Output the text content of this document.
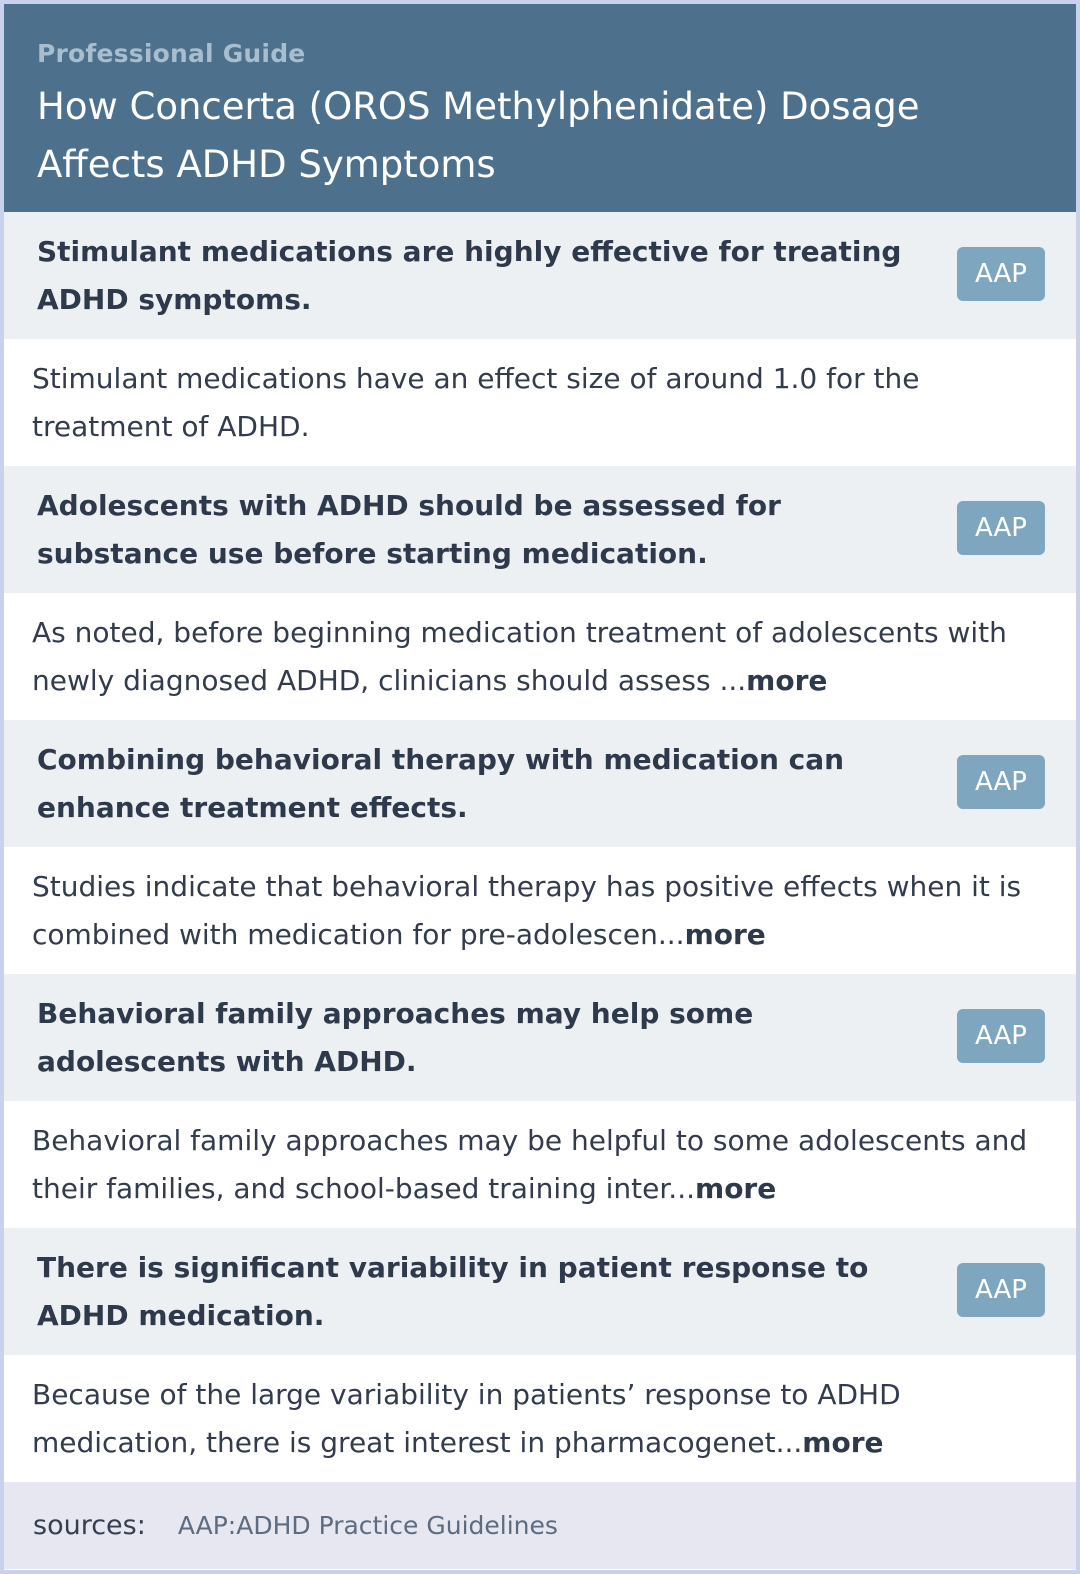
Professional Guide
How Concerta (OROS Methylphenidate) Dosage Affects ADHD Symptoms
Stimulant medications are highly effective for treating ADHD symptoms.
AAP

Stimulant medications have an effect size of around 1.0 for the treatment of ADHD.

Adolescents with ADHD should be assessed for substance use before starting medication.
AAP

As noted, before beginning medication treatment of adolescents with newly diagnosed ADHD, clinicians should assess ...more

Combining behavioral therapy with medication can enhance treatment effects.
AAP

Studies indicate that behavioral therapy has positive effects when it is combined with medication for pre-adolescen...more

Behavioral family approaches may help some adolescents with ADHD.
AAP

Behavioral family approaches may be helpful to some adolescents and their families, and school-based training inter...more

There is significant variability in patient response to ADHD medication.
AAP

Because of the large variability in patients’ response to ADHD medication, there is great interest in pharmacogenet...more

sources: AAP:ADHD Practice Guidelines
